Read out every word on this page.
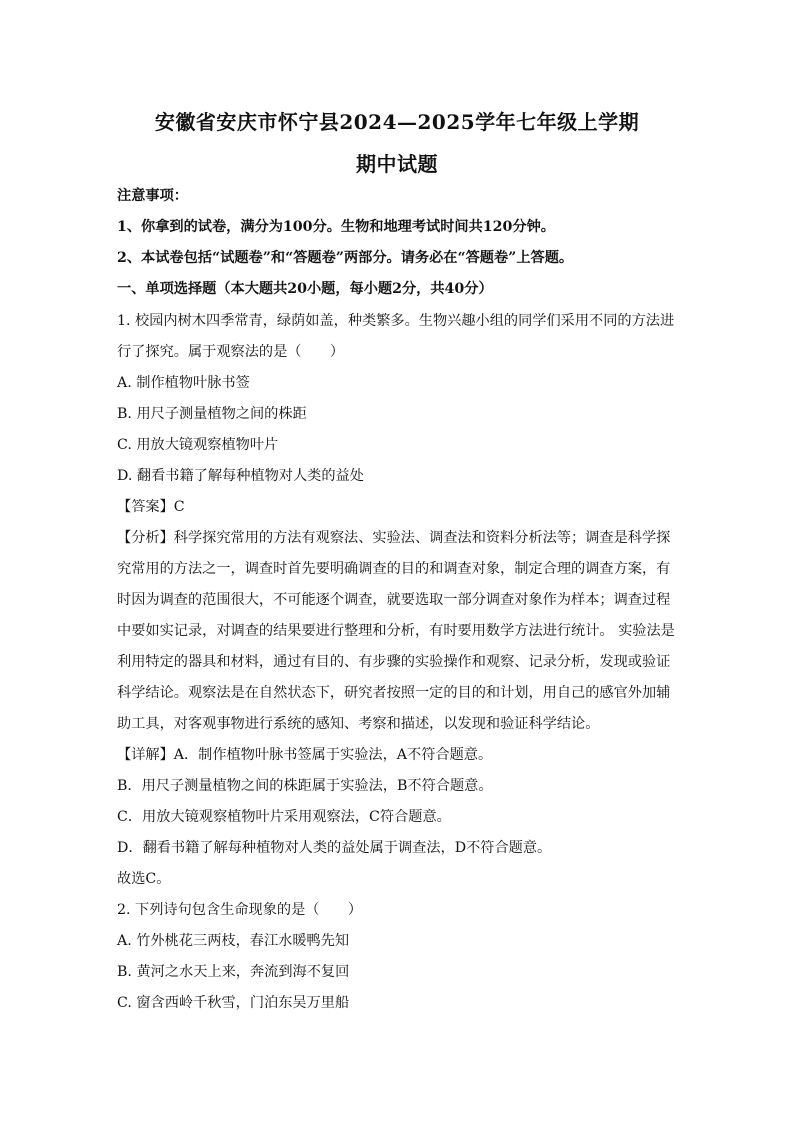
安徽省安庆市怀宁县2024—2025学年七年级上学期
期中试题
注意事项：
1、你拿到的试卷，满分为100分。生物和地理考试时间共120分钟。
2、本试卷包括“试题卷”和“答题卷”两部分。请务必在“答题卷”上答题。
一、单项选择题（本大题共20小题，每小题2分，共40分）
1. 校园内树木四季常青，绿荫如盖，种类繁多。生物兴趣小组的同学们采用不同的方法进
行了探究。属于观察法的是（　　）
A. 制作植物叶脉书签
B. 用尺子测量植物之间的株距
C. 用放大镜观察植物叶片
D. 翻看书籍了解每种植物对人类的益处
【答案】C
【分析】科学探究常用的方法有观察法、实验法、调查法和资料分析法等；调查是科学探
究常用的方法之一，调查时首先要明确调查的目的和调查对象，制定合理的调查方案，有
时因为调查的范围很大，不可能逐个调查，就要选取一部分调查对象作为样本；调查过程
中要如实记录，对调查的结果要进行整理和分析，有时要用数学方法进行统计。 实验法是
利用特定的器具和材料，通过有目的、有步骤的实验操作和观察、记录分析，发现或验证
科学结论。观察法是在自然状态下，研究者按照一定的目的和计划，用自己的感官外加辅
助工具，对客观事物进行系统的感知、考察和描述，以发现和验证科学结论。
【详解】A．制作植物叶脉书签属于实验法，A不符合题意。
B．用尺子测量植物之间的株距属于实验法，B不符合题意。
C．用放大镜观察植物叶片采用观察法，C符合题意。
D．翻看书籍了解每种植物对人类的益处属于调查法，D不符合题意。
故选C。
2. 下列诗句包含生命现象的是（　　）
A. 竹外桃花三两枝，春江水暖鸭先知
B. 黄河之水天上来，奔流到海不复回
C. 窗含西岭千秋雪，门泊东吴万里船
